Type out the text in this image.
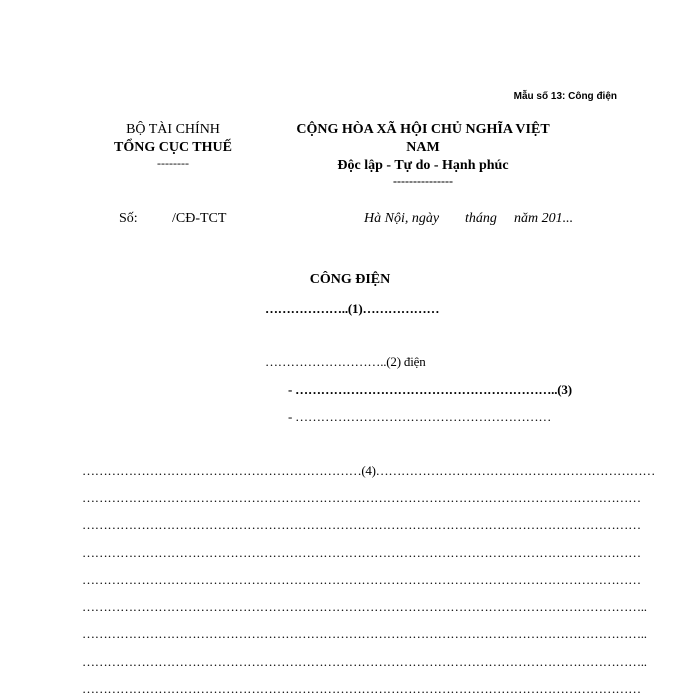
Mẫu số 13: Công điện
BỘ TÀI CHÍNH
TỔNG CỤC THUẾ
--------
CỘNG HÒA XÃ HỘI CHỦ NGHĨA VIỆT
NAM
Độc lập - Tự do - Hạnh phúc
---------------
Số: /CĐ-TCT	Hà Nội, ngày tháng năm 201...
CÔNG ĐIỆN
………………..(1)………………
………………………..(2) điện
- ……………………………………………………..(3)
- ……………………………………………………
…………………………………………………………(4)…………………………………………………………
……………………………………………………………………………………………………………………
……………………………………………………………………………………………………………………
……………………………………………………………………………………………………………………
……………………………………………………………………………………………………………………
……………………………………………………………………………………………………………………..
……………………………………………………………………………………………………………………..
……………………………………………………………………………………………………………………..
……………………………………………………………………………………………………………………
